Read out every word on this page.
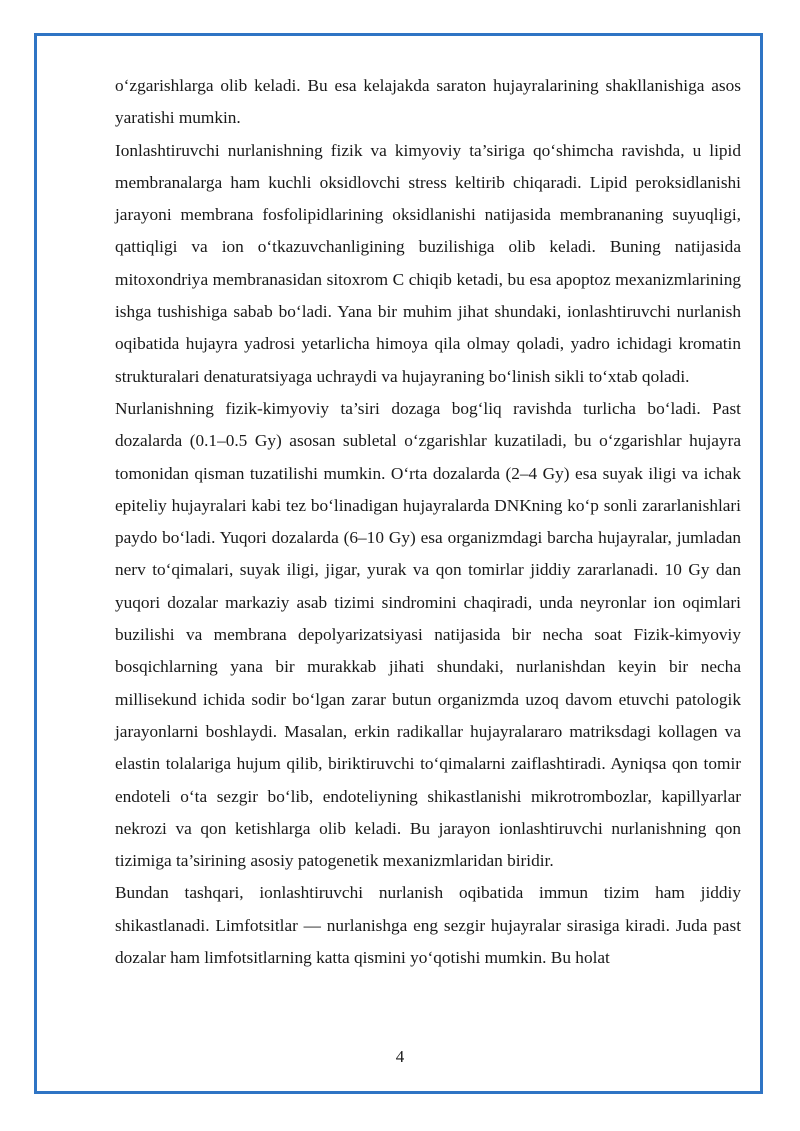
o‘zgarishlarga olib keladi. Bu esa kelajakda saraton hujayralarining shakllanishiga asos yaratishi mumkin.

Ionlashtiruvchi nurlanishning fizik va kimyoviy ta’siriga qo‘shimcha ravishda, u lipid membranalarga ham kuchli oksidlovchi stress keltirib chiqaradi. Lipid peroksidlanishi jarayoni membrana fosfolipidlarining oksidlanishi natijasida membrananing suyuqligi, qattiqligi va ion o‘tkazuvchanligining buzilishiga olib keladi. Buning natijasida mitoxondriya membranasidan sitoxrom C chiqib ketadi, bu esa apoptoz mexanizmlarining ishga tushishiga sabab bo‘ladi. Yana bir muhim jihat shundaki, ionlashtiruvchi nurlanish oqibatida hujayra yadrosi yetarlicha himoya qila olmay qoladi, yadro ichidagi kromatin strukturalari denaturatsiyaga uchraydi va hujayraning bo‘linish sikli to‘xtab qoladi.

Nurlanishning fizik-kimyoviy ta’siri dozaga bog‘liq ravishda turlicha bo‘ladi. Past dozalarda (0.1–0.5 Gy) asosan subletal o‘zgarishlar kuzatiladi, bu o‘zgarishlar hujayra tomonidan qisman tuzatilishi mumkin. O‘rta dozalarda (2–4 Gy) esa suyak iligi va ichak epiteliy hujayralari kabi tez bo‘linadigan hujayralarda DNKning ko‘p sonli zararlanishlari paydo bo‘ladi. Yuqori dozalarda (6–10 Gy) esa organizmdagi barcha hujayralar, jumladan nerv to‘qimalari, suyak iligi, jigar, yurak va qon tomirlar jiddiy zararlanadi. 10 Gy dan yuqori dozalar markaziy asab tizimi sindromini chaqiradi, unda neyronlar ion oqimlari buzilishi va membrana depolyarizatsiyasi natijasida bir necha soat Fizik-kimyoviy bosqichlarning yana bir murakkab jihati shundaki, nurlanishdan keyin bir necha millisekund ichida sodir bo‘lgan zarar butun organizmda uzoq davom etuvchi patologik jarayonlarni boshlaydi. Masalan, erkin radikallar hujayralararo matriksdagi kollagen va elastin tolalariga hujum qilib, biriktiruvchi to‘qimalarni zaiflashtiradi. Ayniqsa qon tomir endoteli o‘ta sezgir bo‘lib, endoteliyning shikastlanishi mikrotrombozlar, kapillyarlar nekrozi va qon ketishlarga olib keladi. Bu jarayon ionlashtiruvchi nurlanishning qon tizimiga ta’sirining asosiy patogenetik mexanizmlaridan biridir.

Bundan tashqari, ionlashtiruvchi nurlanish oqibatida immun tizim ham jiddiy shikastlanadi. Limfotsitlar — nurlanishga eng sezgir hujayralar sirasiga kiradi. Juda past dozalar ham limfotsitlarning katta qismini yo‘qotishi mumkin. Bu holat

4
